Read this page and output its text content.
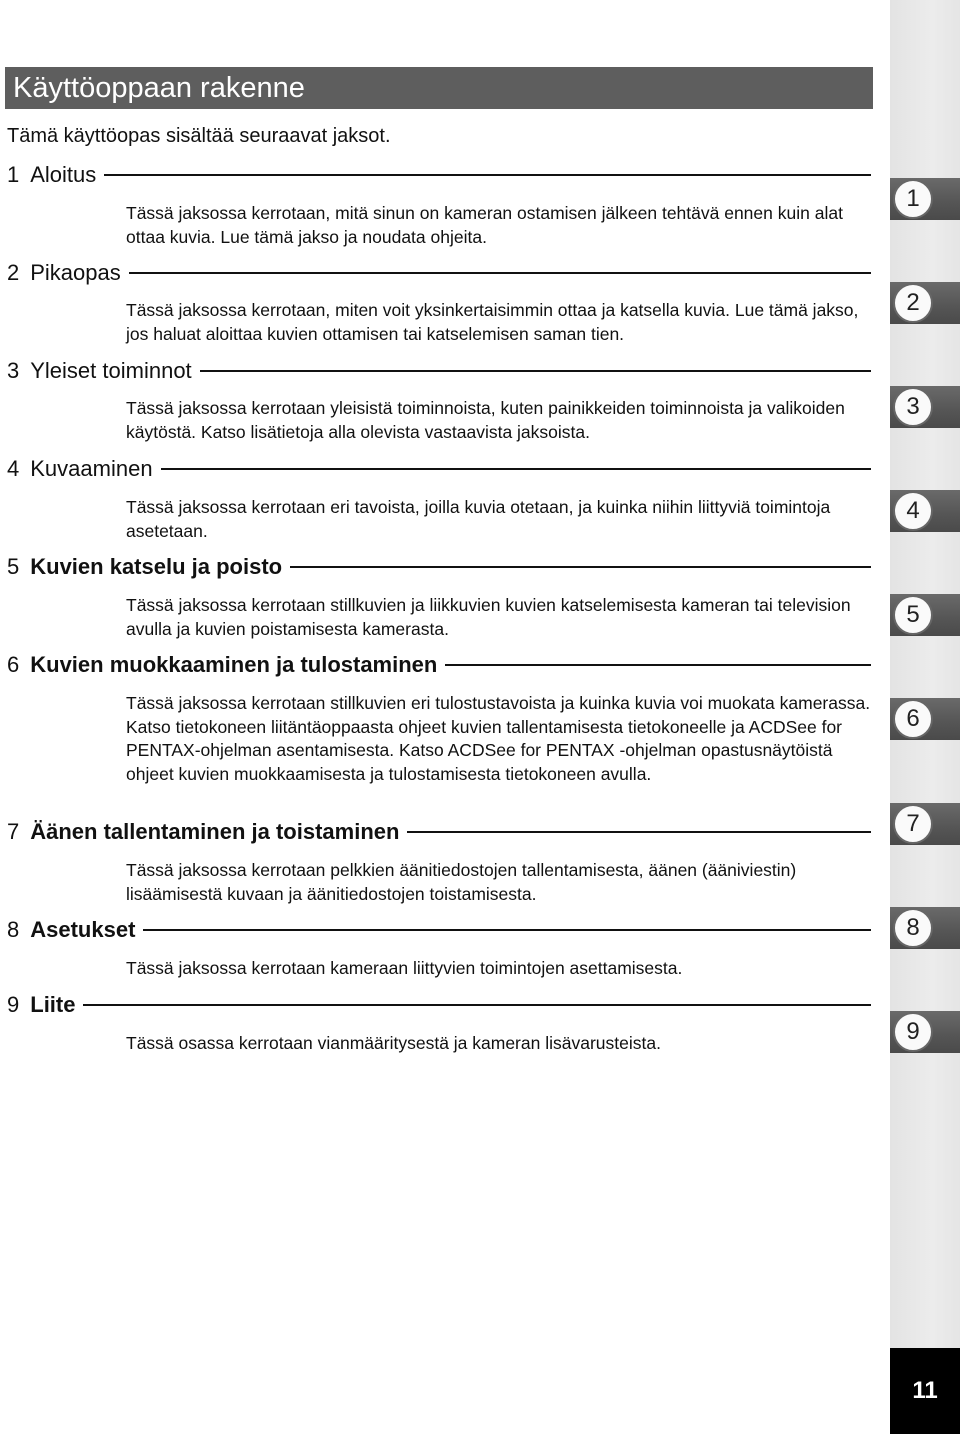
Käyttöoppaan rakenne
Tämä käyttöopas sisältää seuraavat jaksot.
1 Aloitus
Tässä jaksossa kerrotaan, mitä sinun on kameran ostamisen jälkeen tehtävä ennen kuin alat ottaa kuvia. Lue tämä jakso ja noudata ohjeita.
2 Pikaopas
Tässä jaksossa kerrotaan, miten voit yksinkertaisimmin ottaa ja katsella kuvia. Lue tämä jakso, jos haluat aloittaa kuvien ottamisen tai katselemisen saman tien.
3 Yleiset toiminnot
Tässä jaksossa kerrotaan yleisistä toiminnoista, kuten painikkeiden toiminnoista ja valikoiden käytöstä. Katso lisätietoja alla olevista vastaavista jaksoista.
4 Kuvaaminen
Tässä jaksossa kerrotaan eri tavoista, joilla kuvia otetaan, ja kuinka niihin liittyviä toimintoja asetetaan.
5 Kuvien katselu ja poisto
Tässä jaksossa kerrotaan stillkuvien ja liikkuvien kuvien katselemisesta kameran tai television avulla ja kuvien poistamisesta kamerasta.
6 Kuvien muokkaaminen ja tulostaminen
Tässä jaksossa kerrotaan stillkuvien eri tulostustavoista ja kuinka kuvia voi muokata kamerassa. Katso tietokoneen liitäntäoppaasta ohjeet kuvien tallentamisesta tietokoneelle ja ACDSee for PENTAX-ohjelman asentamisesta. Katso ACDSee for PENTAX -ohjelman opastusnäytöistä ohjeet kuvien muokkaamisesta ja tulostamisesta tietokoneen avulla.
7 Äänen tallentaminen ja toistaminen
Tässä jaksossa kerrotaan pelkkien äänitiedostojen tallentamisesta, äänen (ääniviestin) lisäämisestä kuvaan ja äänitiedostojen toistamisesta.
8 Asetukset
Tässä jaksossa kerrotaan kameraan liittyvien toimintojen asettamisesta.
9 Liite
Tässä osassa kerrotaan vianmääritysestä ja kameran lisävarusteista.
1
2
3
4
5
6
7
8
9
11
